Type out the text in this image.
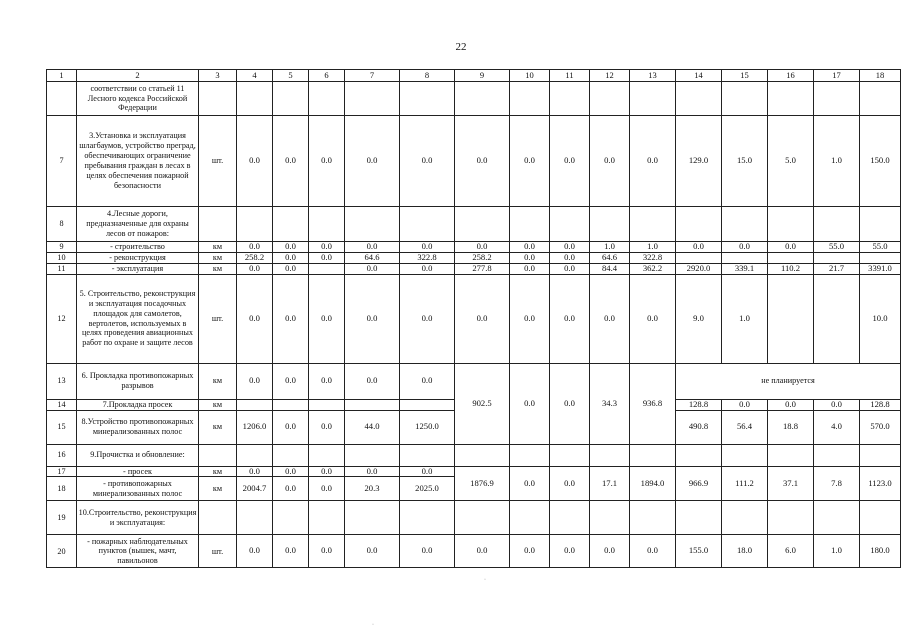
22
1	2	3	4	5	6	7	8	9	10	11	12	13	14	15	16	17	18
	соответствии со статьей 11 Лесного кодекса Российской Федерации																
7	3.Установка и эксплуатация шлагбаумов, устройство преград, обеспечивающих ограничение пребывания граждан в лесах в целях обеспечения пожарной безопасности	шт.	0.0	0.0	0.0	0.0	0.0	0.0	0.0	0.0	0.0	0.0	129.0	15.0	5.0	1.0	150.0
8	4.Лесные дороги, предназначенные для охраны лесов от пожаров:																
9	- строительство	км	0.0	0.0	0.0	0.0	0.0	0.0	0.0	0.0	1.0	1.0	0.0	0.0	0.0	55.0	55.0
10	- реконструкция	км	258.2	0.0	0.0	64.6	322.8	258.2	0.0	0.0	64.6	322.8					
11	- эксплуатация	км	0.0	0.0		0.0	0.0	277.8	0.0	0.0	84.4	362.2	2920.0	339.1	110.2	21.7	3391.0
12	5. Строительство, реконструкция и эксплуатация посадочных площадок для самолетов, вертолетов, используемых в целях проведения авиационных работ по охране и защите лесов	шт.	0.0	0.0	0.0	0.0	0.0	0.0	0.0	0.0	0.0	0.0	9.0	1.0			10.0
13	6. Прокладка противопожарных разрывов	км	0.0	0.0	0.0	0.0	0.0	902.5	0.0	0.0	34.3	936.8	не планируется				
14	7.Прокладка просек	км											128.8	0.0	0.0	0.0	128.8
15	8.Устройство противопожарных минерализованных полос	км	1206.0	0.0	0.0	44.0	1250.0						490.8	56.4	18.8	4.0	570.0
16	9.Прочистка и обновление:																
17	- просек	км	0.0	0.0	0.0	0.0	0.0	1876.9	0.0	0.0	17.1	1894.0	966.9	111.2	37.1	7.8	1123.0
18	- противопожарных минерализованных полос	км	2004.7	0.0	0.0	20.3	2025.0										
19	10.Строительство, реконструкция и эксплуатация:																
20	- пожарных наблюдательных пунктов (вышек, мачт, павильонов	шт.	0.0	0.0	0.0	0.0	0.0	0.0	0.0	0.0	0.0	0.0	155.0	18.0	6.0	1.0	180.0
·
·
